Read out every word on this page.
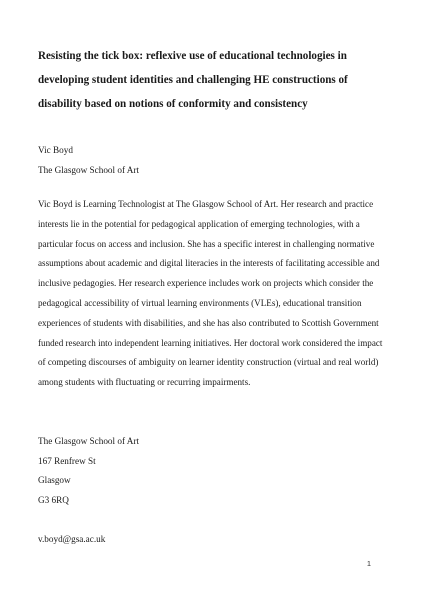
Resisting the tick box: reflexive use of educational technologies in developing student identities and challenging HE constructions of disability based on notions of conformity and consistency

Vic Boyd
The Glasgow School of Art

Vic Boyd is Learning Technologist at The Glasgow School of Art. Her research and practice interests lie in the potential for pedagogical application of emerging technologies, with a particular focus on access and inclusion. She has a specific interest in challenging normative assumptions about academic and digital literacies in the interests of facilitating accessible and inclusive pedagogies. Her research experience includes work on projects which consider the pedagogical accessibility of virtual learning environments (VLEs), educational transition experiences of students with disabilities, and she has also contributed to Scottish Government funded research into independent learning initiatives. Her doctoral work considered the impact of competing discourses of ambiguity on learner identity construction (virtual and real world) among students with fluctuating or recurring impairments.

The Glasgow School of Art
167 Renfrew St
Glasgow
G3 6RQ
v.boyd@gsa.ac.uk
1
